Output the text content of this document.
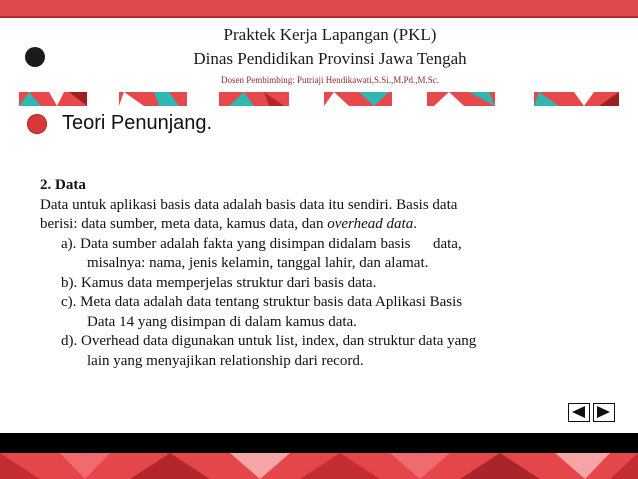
Praktek Kerja Lapangan (PKL)
Dinas Pendidikan Provinsi Jawa Tengah
Dosen Pembimbing: Putriaji Hendikawati,S.Si.,M.Pd.,M.Sc.
Teori Penunjang.
2. Data
Data untuk aplikasi basis data adalah basis data itu sendiri. Basis data
berisi: data sumber, meta data, kamus data, dan overhead data.
a). Data sumber adalah fakta yang disimpan didalam basis      data,
misalnya: nama, jenis kelamin, tanggal lahir, dan alamat.
b). Kamus data memperjelas struktur dari basis data.
c). Meta data adalah data tentang struktur basis data Aplikasi Basis
Data 14 yang disimpan di dalam kamus data.
d). Overhead data digunakan untuk list, index, dan struktur data yang
lain yang menyajikan relationship dari record.
